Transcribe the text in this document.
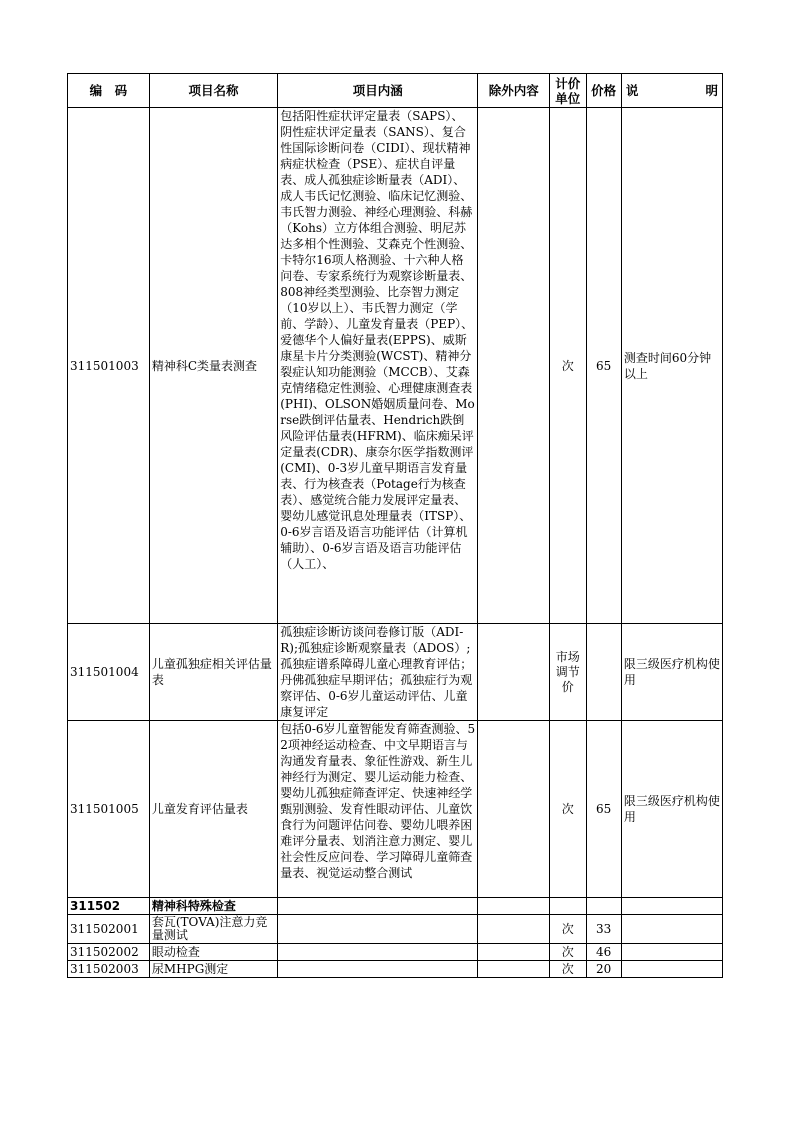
编　码	项目名称	项目内涵	除外内容	计价单位	价格	说 明

311501003	精神科C类量表测查	包括阳性症状评定量表（SAPS）、阴性症状评定量表（SANS）、复合性国际诊断问卷（CIDI）、现状精神病症状检查（PSE）、症状自评量表、成人孤独症诊断量表（ADI）、成人韦氏记忆测验、临床记忆测验、韦氏智力测验、神经心理测验、科赫（Kohs）立方体组合测验、明尼苏达多相个性测验、艾森克个性测验、卡特尔16项人格测验、十六种人格问卷、专家系统行为观察诊断量表、808神经类型测验、比奈智力测定（10岁以上）、韦氏智力测定（学前、学龄）、儿童发育量表（PEP）、爱德华个人偏好量表(EPPS)、威斯康星卡片分类测验(WCST)、精神分裂症认知功能测验（MCCB）、艾森克情绪稳定性测验、心理健康测查表(PHI)、OLSON婚姻质量问卷、Morse跌倒评估量表、Hendrich跌倒风险评估量表(HFRM)、临床痴呆评定量表(CDR)、康奈尔医学指数测评(CMI)、0-3岁儿童早期语言发育量表、行为核查表（Potage行为核查表）、感觉统合能力发展评定量表、婴幼儿感觉讯息处理量表（ITSP）、0-6岁言语及语言功能评估（计算机辅助）、0-6岁言语及语言功能评估（人工）、		次	65	测查时间60分钟以上
311501004	儿童孤独症相关评估量表	孤独症诊断访谈问卷修订版（ADI-R);孤独症诊断观察量表（ADOS）;孤独症谱系障碍儿童心理教育评估；丹佛孤独症早期评估；孤独症行为观察评估、0-6岁儿童运动评估、儿童康复评定		市场调节价		限三级医疗机构使用
311501005	儿童发育评估量表	包括0-6岁儿童智能发育筛查测验、52项神经运动检查、中文早期语言与沟通发育量表、象征性游戏、新生儿神经行为测定、婴儿运动能力检查、婴幼儿孤独症筛查评定、快速神经学甄别测验、发育性眼动评估、儿童饮食行为问题评估问卷、婴幼儿喂养困难评分量表、划消注意力测定、婴儿社会性反应问卷、学习障碍儿童筛查量表、视觉运动整合测试		次	65	限三级医疗机构使用
311502	精神科特殊检查					
311502001	套瓦(TOVA)注意力竞量测试			次	33	
311502002	眼动检查			次	46	
311502003	尿MHPG测定			次	20	
